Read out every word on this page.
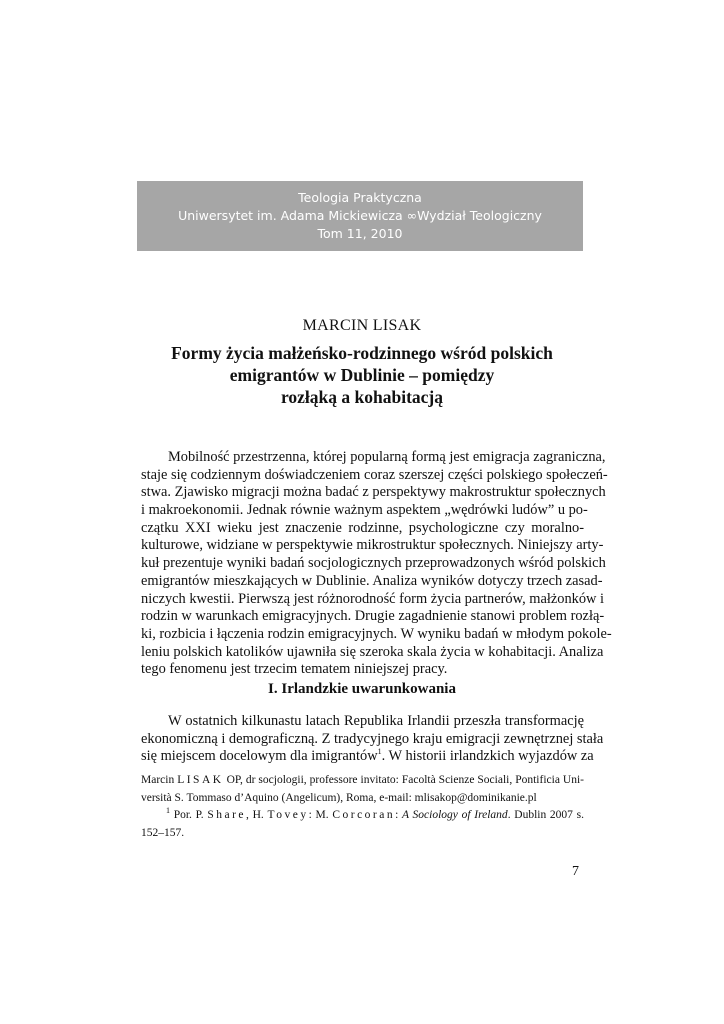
Teologia Praktyczna
Uniwersytet im. Adama Mickiewicza ∞Wydział Teologiczny
Tom 11, 2010
MARCIN LISAK
Formy życia małżeńsko-rodzinnego wśród polskich
emigrantów w Dublinie – pomiędzy
rozłąką a kohabitacją
Mobilność przestrzenna, której popularną formą jest emigracja zagraniczna,
staje się codziennym doświadczeniem coraz szerszej części polskiego społeczeń-
stwa. Zjawisko migracji można badać z perspektywy makrostruktur społecznych
i makroekonomii. Jednak równie ważnym aspektem „wędrówki ludów” u po-
czątku XXI wieku jest znaczenie rodzinne, psychologiczne czy moralno-
kulturowe, widziane w perspektywie mikrostruktur społecznych. Niniejszy arty-
kuł prezentuje wyniki badań socjologicznych przeprowadzonych wśród polskich
emigrantów mieszkających w Dublinie. Analiza wyników dotyczy trzech zasad-
niczych kwestii. Pierwszą jest różnorodność form życia partnerów, małżonków i
rodzin w warunkach emigracyjnych. Drugie zagadnienie stanowi problem rozłą-
ki, rozbicia i łączenia rodzin emigracyjnych. W wyniku badań w młodym pokole-
leniu polskich katolików ujawniła się szeroka skala życia w kohabitacji. Analiza
tego fenomenu jest trzecim tematem niniejszej pracy.
I. Irlandzkie uwarunkowania
W ostatnich kilkunastu latach Republika Irlandii przeszła transformację
ekonomiczną i demograficzną. Z tradycyjnego kraju emigracji zewnętrznej stała
się miejscem docelowym dla imigrantów$^1$. W historii irlandzkich wyjazdów za
Marcin LISAK OP, dr socjologii, professore invitato: Facoltà Scienze Sociali, Pontificia Uni-
versità S. Tommaso d’Aquino (Angelicum), Roma, e-mail: mlisakop@dominikanie.pl
$^1$ Por. P. Share, H. Tovey: M. Corcoran: A Sociology of Ireland. Dublin 2007 s.
152–157.
7
